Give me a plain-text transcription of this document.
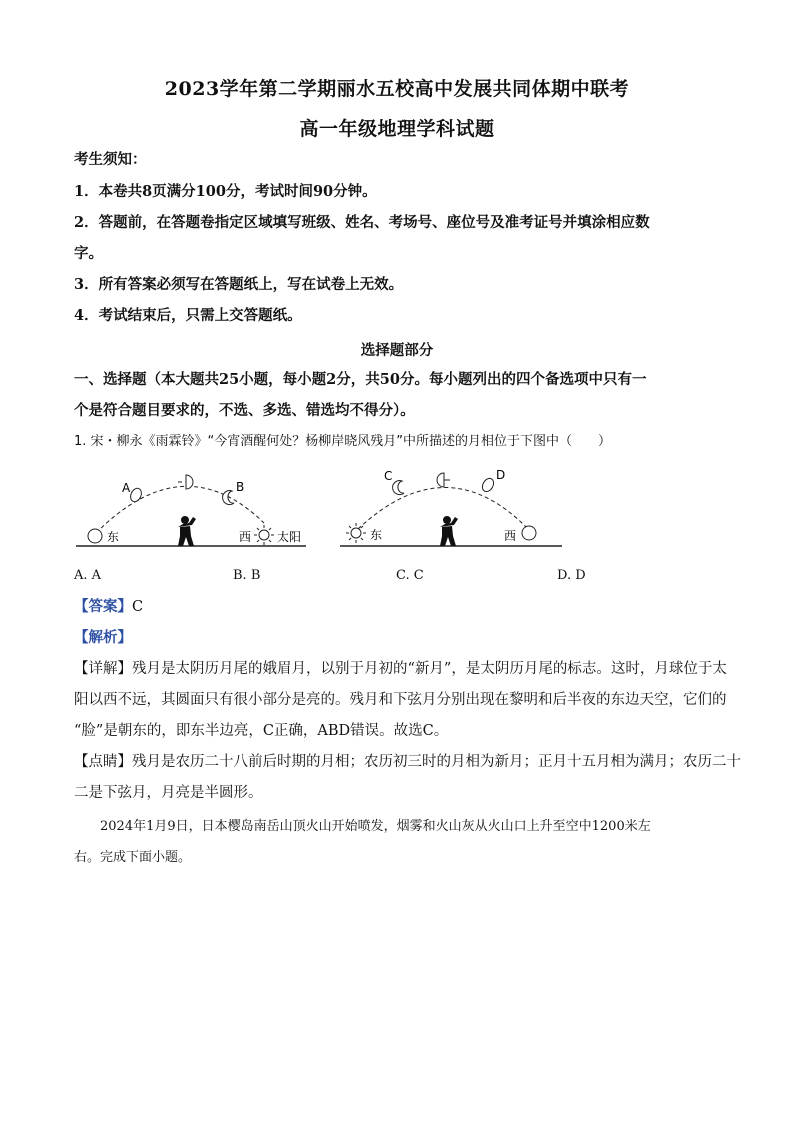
2023学年第二学期丽水五校高中发展共同体期中联考
高一年级地理学科试题
考生须知：
1．本卷共8页满分100分，考试时间90分钟。
2．答题前，在答题卷指定区域填写班级、姓名、考场号、座位号及准考证号并填涂相应数
字。
3．所有答案必须写在答题纸上，写在试卷上无效。
4．考试结束后，只需上交答题纸。
选择题部分
一、选择题（本大题共25小题，每小题2分，共50分。每小题列出的四个备选项中只有一
个是符合题目要求的，不选、多选、错选均不得分）。
1. 宋・柳永《雨霖铃》“今宵酒醒何处？杨柳岸晓风残月”中所描述的月相位于下图中（　　）
东
A	B
西 太阳	东
C	D
西
A. A	B. B	C. C	D. D
【答案】C
【解析】
【详解】残月是太阴历月尾的娥眉月，以别于月初的“新月”，是太阴历月尾的标志。这时，月球位于太
阳以西不远，其圆面只有很小部分是亮的。残月和下弦月分别出现在黎明和后半夜的东边天空，它们的
“脸”是朝东的，即东半边亮，C正确，ABD错误。故选C。
【点睛】残月是农历二十八前后时期的月相；农历初三时的月相为新月；正月十五月相为满月；农历二十
二是下弦月，月亮是半圆形。
2024年1月9日，日本樱岛南岳山顶火山开始喷发，烟雾和火山灰从火山口上升至空中1200米左
右。完成下面小题。
